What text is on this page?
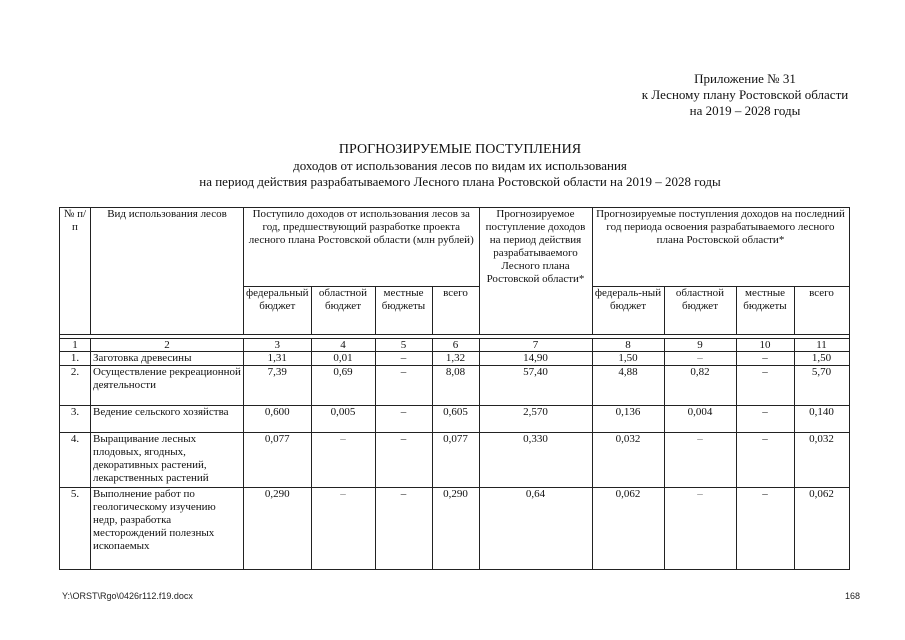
Приложение № 31
к Лесному плану Ростовской области
на 2019 – 2028 годы
ПРОГНОЗИРУЕМЫЕ ПОСТУПЛЕНИЯ
доходов от использования лесов по видам их использования
на период действия разрабатываемого Лесного плана Ростовской области на 2019 – 2028 годы
№ п/п	Вид использования лесов	Поступило доходов от использования лесов за год, предшествующий разработке проекта лесного плана Ростовской области (млн рублей)				Прогнозируемое поступление доходов на период действия разрабатываемого Лесного плана Ростовской области*	Прогнозируемые поступления доходов на последний год периода освоения разрабатываемого лесного плана Ростовской области*			
		федеральный бюджет	областной бюджет	местные бюджеты	всего		федераль-ный бюджет	областной бюджет	местные бюджеты	всего

1	2	3	4	5	6	7	8	9	10	11
1.	Заготовка древесины	1,31	0,01	–	1,32	14,90	1,50	–	–	1,50
2.	Осуществление рекреационной деятельности	7,39	0,69	–	8,08	57,40	4,88	0,82	–	5,70
3.	Ведение сельского хозяйства	0,600	0,005	–	0,605	2,570	0,136	0,004	–	0,140
4.	Выращивание лесных плодовых, ягодных, декоративных растений, лекарственных растений	0,077	–	–	0,077	0,330	0,032	–	–	0,032
5.	Выполнение работ по геологическому изучению недр, разработка месторождений полезных ископаемых	0,290	–	–	0,290	0,64	0,062	–	–	0,062
Y:\ORST\Rgo\0426r112.f19.docx	168
